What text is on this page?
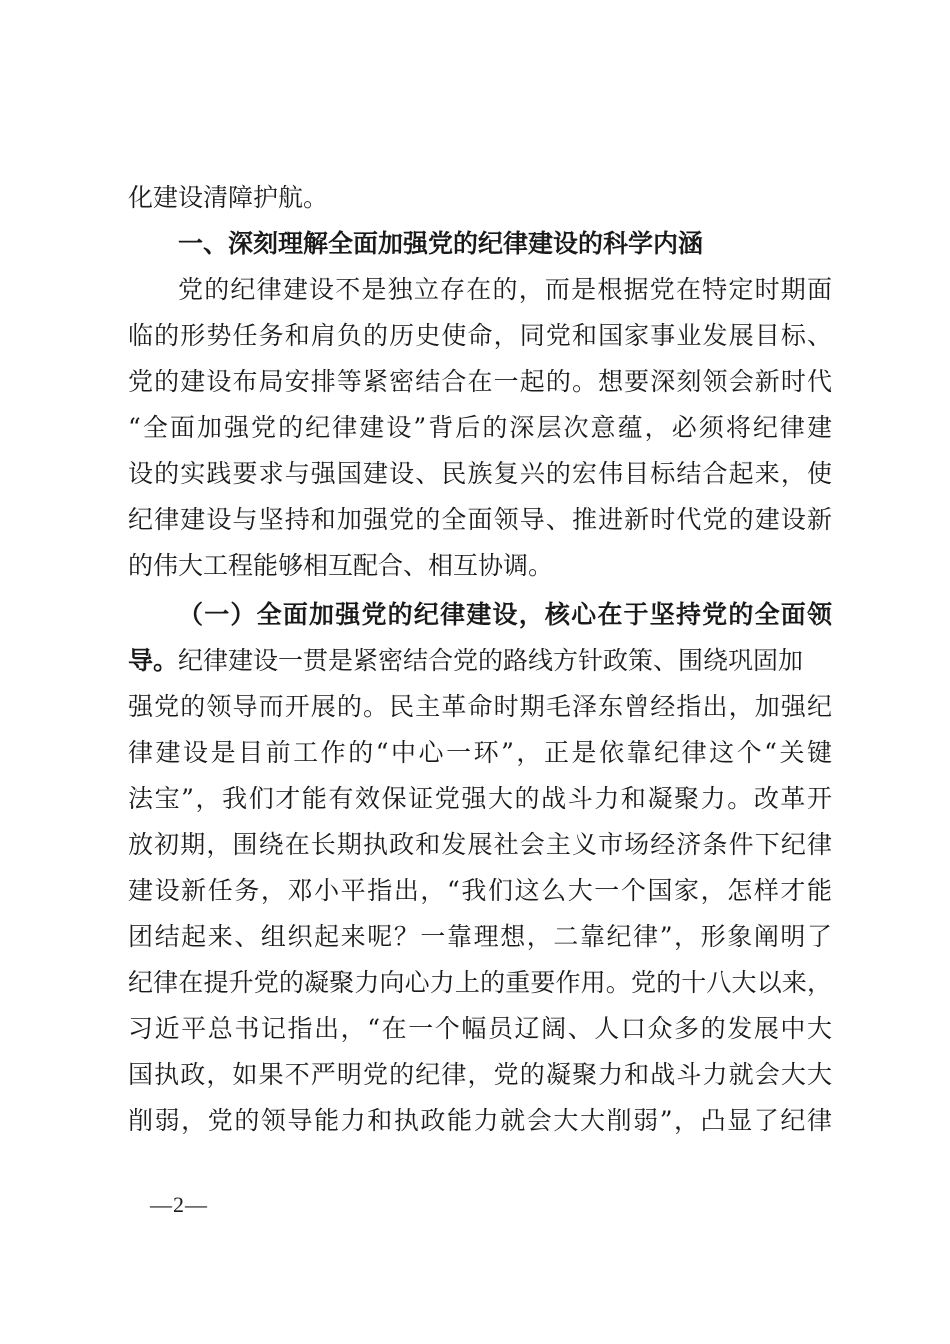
化建设清障护航。
一、深刻理解全面加强党的纪律建设的科学内涵
党的纪律建设不是独立存在的，而是根据党在特定时期面
临的形势任务和肩负的历史使命，同党和国家事业发展目标、
党的建设布局安排等紧密结合在一起的。想要深刻领会新时代
“全面加强党的纪律建设”背后的深层次意蕴，必须将纪律建
设的实践要求与强国建设、民族复兴的宏伟目标结合起来，使
纪律建设与坚持和加强党的全面领导、推进新时代党的建设新
的伟大工程能够相互配合、相互协调。
（一）全面加强党的纪律建设，核心在于坚持党的全面领
导。纪律建设一贯是紧密结合党的路线方针政策、围绕巩固加
强党的领导而开展的。民主革命时期毛泽东曾经指出，加强纪
律建设是目前工作的“中心一环”，正是依靠纪律这个“关键
法宝”，我们才能有效保证党强大的战斗力和凝聚力。改革开
放初期，围绕在长期执政和发展社会主义市场经济条件下纪律
建设新任务，邓小平指出，“我们这么大一个国家，怎样才能
团结起来、组织起来呢？一靠理想，二靠纪律”，形象阐明了
纪律在提升党的凝聚力向心力上的重要作用。党的十八大以来，
习近平总书记指出，“在一个幅员辽阔、人口众多的发展中大
国执政，如果不严明党的纪律，党的凝聚力和战斗力就会大大
削弱，党的领导能力和执政能力就会大大削弱”，凸显了纪律
—2—
